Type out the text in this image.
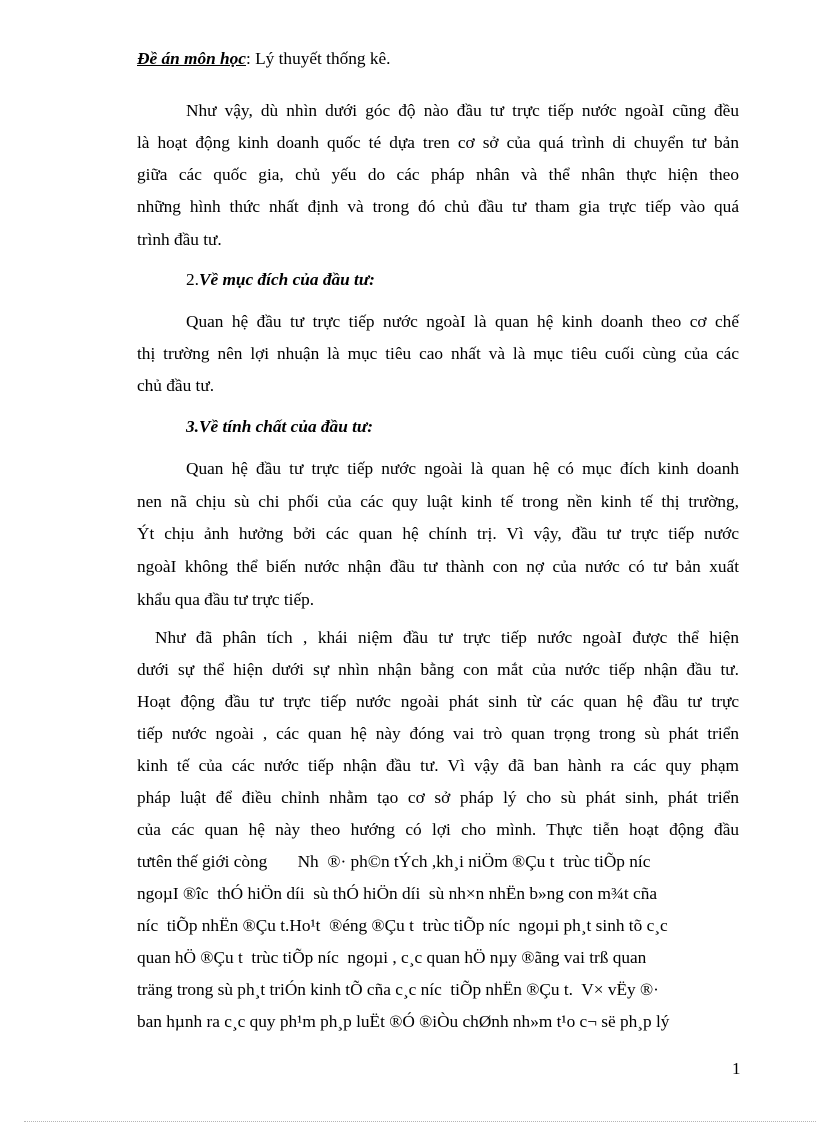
Đề án môn học: Lý thuyết thống kê.
Như vậy, dù nhìn dưới góc độ nào đầu tư trực tiếp nước ngoàI cũng đều
là hoạt động kinh doanh quốc té dựa tren cơ sở của quá trình di chuyển tư bản
giữa các quốc gia, chủ yếu do các pháp nhân và thể nhân thực hiện theo
những hình thức nhất định và trong đó chủ đầu tư tham gia trực tiếp vào quá
trình đầu tư.
2.Về mục đích của đầu tư:
Quan hệ đầu tư trực tiếp nước ngoàI là quan hệ kinh doanh theo cơ chế
thị trường nên lợi nhuận là mục tiêu cao nhất và là mục tiêu cuối cùng của các
chủ đầu tư.
3.Về tính chất của đầu tư:
Quan hệ đầu tư trực tiếp nước ngoài là quan hệ có mục đích kinh doanh
nen nã chịu sù chi phối của các quy luật kinh tế trong nền kinh tế thị trường,
Ýt chịu ảnh hưởng bởi các quan hệ chính trị. Vì vậy, đầu tư trực tiếp nước
ngoàI không thể biến nước nhận đầu tư thành con nợ của nước có tư bản xuất
khẩu qua đầu tư trực tiếp.
Như đã phân tích , khái niệm đầu tư trực tiếp nước ngoàI được thể hiện
dưới sự thể hiện dưới sự nhìn nhận bằng con mắt của nước tiếp nhận đầu tư.
Hoạt động đầu tư trực tiếp nước ngoài phát sinh từ các quan hệ đầu tư trực
tiếp nước ngoài , các quan hệ này đóng vai trò quan trọng trong sù phát triển
kinh tế của các nước tiếp nhận đầu tư. Vì vậy đã ban hành ra các quy phạm
pháp luật để điều chỉnh nhằm tạo cơ sở pháp lý cho sù phát sinh, phát triển
của các quan hệ này theo hướng có lợi cho mình. Thực tiễn hoạt động đầu
tưtên thế giới còng       Nh  ®· ph©n tÝch ,kh¸i niÖm ®Çu t  trùc tiÕp níc
ngoµI ®îc  thÓ hiÖn díi  sù thÓ hiÖn díi  sù nh×n nhËn b»ng con m¾t cña
níc  tiÕp nhËn ®Çu t.Ho¹t  ®éng ®Çu t  trùc tiÕp níc  ngoµi ph¸t sinh tõ c¸c
quan hÖ ®Çu t  trùc tiÕp níc  ngoµi , c¸c quan hÖ nµy ®ãng vai trß quan
träng trong sù ph¸t triÓn kinh tÕ cña c¸c níc  tiÕp nhËn ®Çu t.  V× vËy ®·
ban hµnh ra c¸c quy ph¹m ph¸p luËt ®Ó ®iÒu chØnh nh»m t¹o c¬ së ph¸p lý
1
